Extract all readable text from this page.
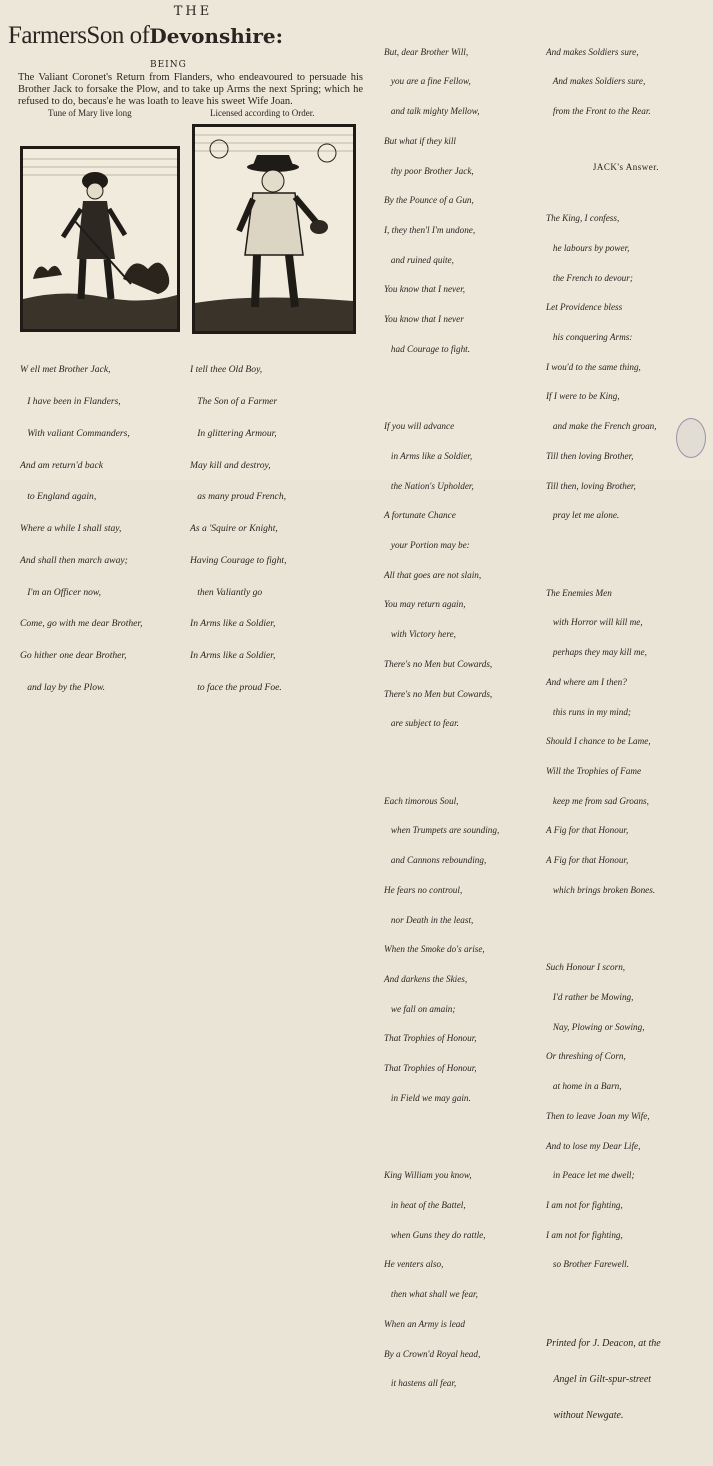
THE
FarmersSon ofDevonshire:
BEING
The Valiant Coronet's Return from Flanders, who endeavoured to persuade his Brother Jack to forsake the Plow, and to take up Arms the next Spring; which he refused to do, becaus'e he was loath to leave his sweet Wife Joan.
Tune of Mary live long	Licensed according to Order.

W ell met Brother Jack,

I have been in Flanders,

With valiant Commanders,

And am return'd back

to England again,

Where a while I shall stay,

And shall then march away;

I'm an Officer now,

Come, go with me dear Brother,

Go hither one dear Brother,

and lay by the Plow.

I tell thee Old Boy,

The Son of a Farmer

In glittering Armour,

May kill and destroy,

as many proud French,

As a 'Squire or Knight,

Having Courage to fight,

then Valiantly go

In Arms like a Soldier,

In Arms like a Soldier,

to face the proud Foe.

But, dear Brother Will,

you are a fine Fellow,

and talk mighty Mellow,

But what if they kill

thy poor Brother Jack,

By the Pounce of a Gun,

I, they then'l I'm undone,

and ruined quite,

You know that I never,

You know that I never

had Courage to fight.

If you will advance

in Arms like a Soldier,

the Nation's Upholder,

A fortunate Chance

your Portion may be:

All that goes are not slain,

You may return again,

with Victory here,

There's no Men but Cowards,

There's no Men but Cowards,

are subject to fear.

Each timorous Soul,

when Trumpets are sounding,

and Cannons rebounding,

He fears no controul,

nor Death in the least,

When the Smoke do's arise,

And darkens the Skies,

we fall on amain;

That Trophies of Honour,

That Trophies of Honour,

in Field we may gain.

King William you know,

in heat of the Battel,

when Guns they do rattle,

He venters also,

then what shall we fear,

When an Army is lead

By a Crown'd Royal head,

it hastens all fear,

And makes Soldiers sure,

And makes Soldiers sure,

from the Front to the Rear.

JACK's Answer.

The King, I confess,

he labours by power,

the French to devour;

Let Providence bless

his conquering Arms:

I wou'd to the same thing,

If I were to be King,

and make the French groan,

Till then loving Brother,

Till then, loving Brother,

pray let me alone.

The Enemies Men

with Horror will kill me,

perhaps they may kill me,

And where am I then?

this runs in my mind;

Should I chance to be Lame,

Will the Trophies of Fame

keep me from sad Groans,

A Fig for that Honour,

A Fig for that Honour,

which brings broken Bones.

Such Honour I scorn,

I'd rather be Mowing,

Nay, Plowing or Sowing,

Or threshing of Corn,

at home in a Barn,

Then to leave Joan my Wife,

And to lose my Dear Life,

in Peace let me dwell;

I am not for fighting,

I am not for fighting,

so Brother Farewell.

Printed for J. Deacon, at the

Angel in Gilt-spur-street

without Newgate.
